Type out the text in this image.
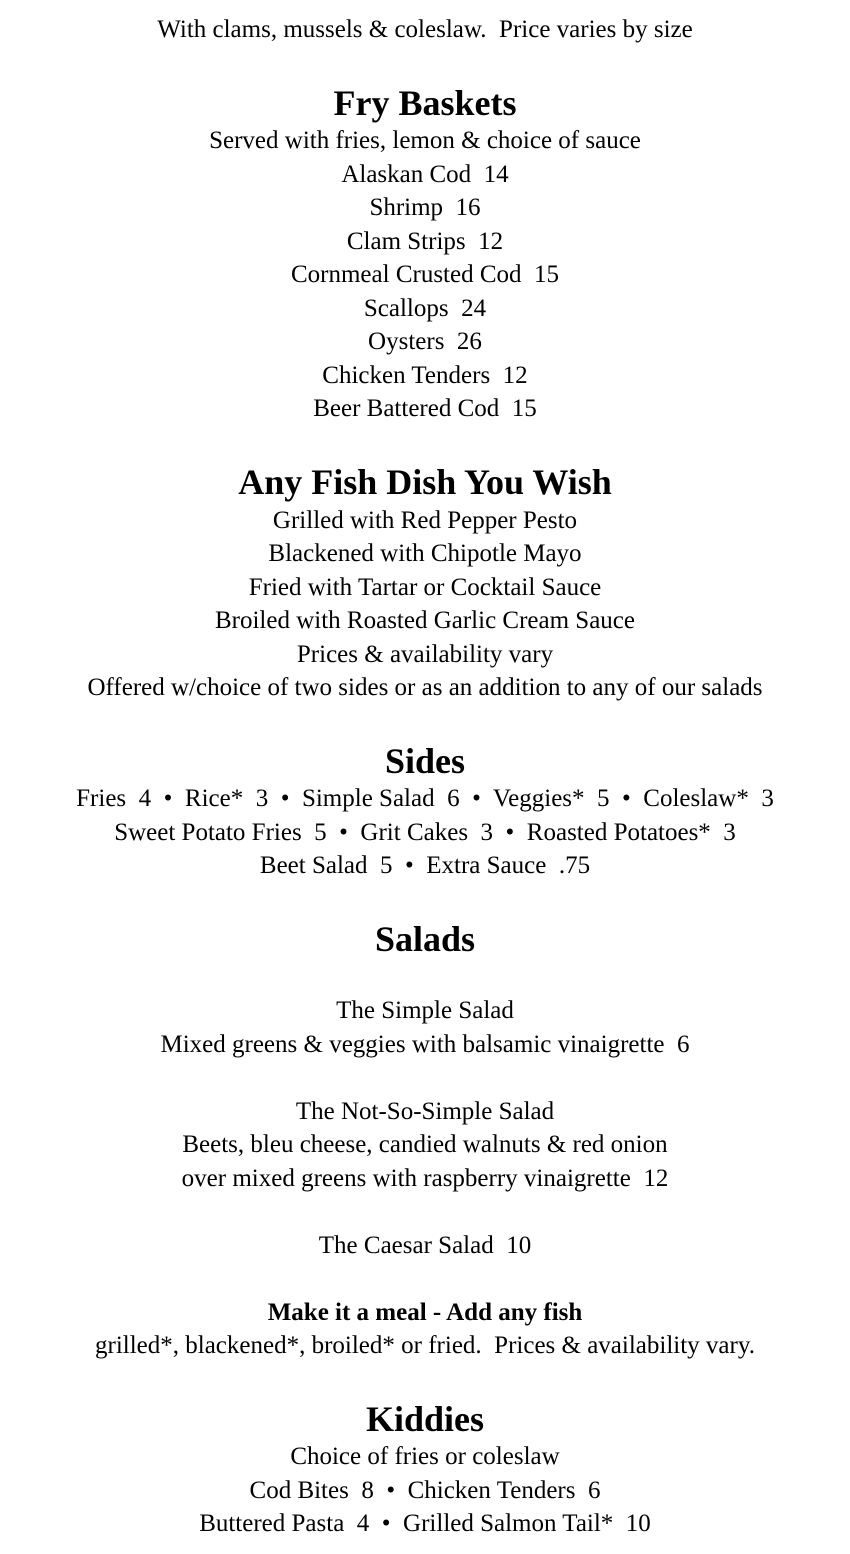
With clams, mussels & coleslaw.  Price varies by size
Fry Baskets
Served with fries, lemon & choice of sauce
Alaskan Cod  14
Shrimp  16
Clam Strips  12
Cornmeal Crusted Cod  15
Scallops  24
Oysters  26
Chicken Tenders  12
Beer Battered Cod  15
Any Fish Dish You Wish
Grilled with Red Pepper Pesto
Blackened with Chipotle Mayo
Fried with Tartar or Cocktail Sauce
Broiled with Roasted Garlic Cream Sauce
Prices & availability vary
Offered w/choice of two sides or as an addition to any of our salads
Sides
Fries  4  •  Rice*  3  •  Simple Salad  6  •  Veggies*  5  •  Coleslaw*  3
Sweet Potato Fries  5  •  Grit Cakes  3  •  Roasted Potatoes*  3
Beet Salad  5  •  Extra Sauce  .75
Salads
The Simple Salad
Mixed greens & veggies with balsamic vinaigrette  6
The Not-So-Simple Salad
Beets, bleu cheese, candied walnuts & red onion
over mixed greens with raspberry vinaigrette  12
The Caesar Salad  10
Make it a meal - Add any fish
grilled*, blackened*, broiled* or fried.  Prices & availability vary.
Kiddies
Choice of fries or coleslaw
Cod Bites  8  •  Chicken Tenders  6
Buttered Pasta  4  •  Grilled Salmon Tail*  10
